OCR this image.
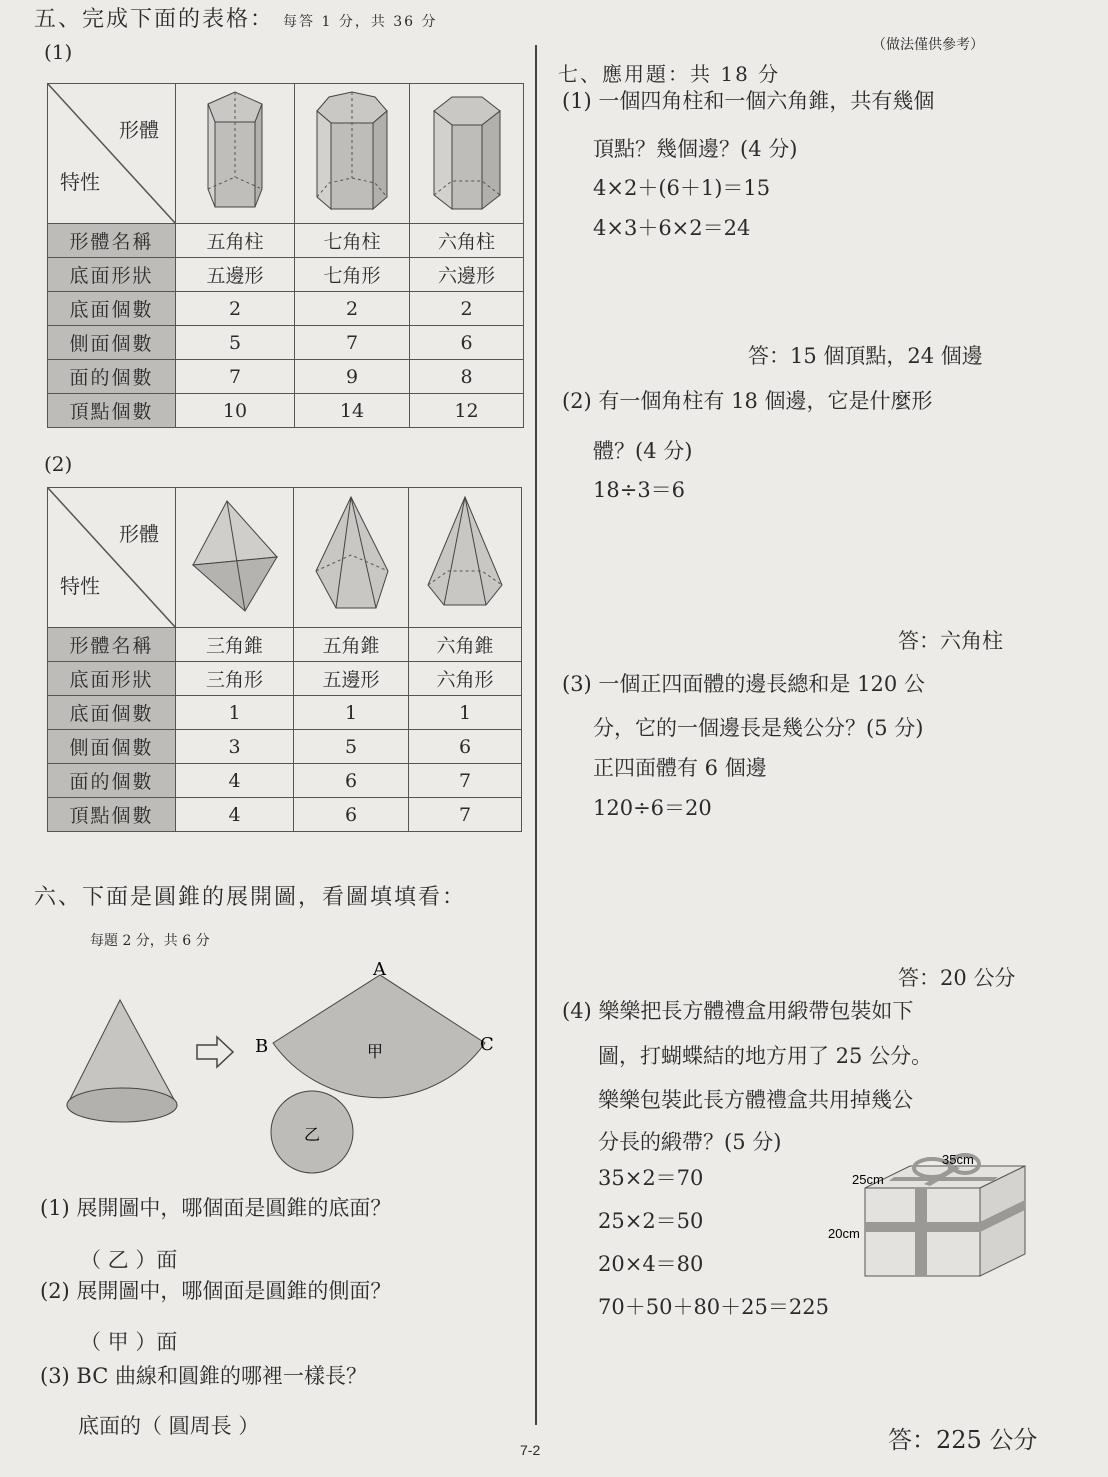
五、完成下面的表格： 每答 1 分，共 36 分
(1)
形體
特性

形體名稱	五角柱	七角柱	六角柱
底面形狀	五邊形	七角形	六邊形
底面個數	2	2	2
側面個數	5	7	6
面的個數	7	9	8
頂點個數	10	14	12
(2)
形體
特性

形體名稱	三角錐	五角錐	六角錐
底面形狀	三角形	五邊形	六角形
底面個數	1	1	1
側面個數	3	5	6
面的個數	4	6	7
頂點個數	4	6	7
六、下面是圓錐的展開圖，看圖填填看：
每題 2 分，共 6 分
A
B	C
甲
乙
(1) 展開圖中，哪個面是圓錐的底面？
（ 乙 ）面
(2) 展開圖中，哪個面是圓錐的側面？
（ 甲 ）面
(3) BC 曲線和圓錐的哪裡一樣長？
底面的（ 圓周長 ）
七、應用題：共 18 分
（做法僅供參考）
(1) 一個四角柱和一個六角錐，共有幾個
頂點？幾個邊？(4 分)
4×2＋(6＋1)＝15
4×3＋6×2＝24
答：15 個頂點，24 個邊
(2) 有一個角柱有 18 個邊，它是什麼形
體？(4 分)
18÷3＝6
答：六角柱
(3) 一個正四面體的邊長總和是 120 公
分，它的一個邊長是幾公分？(5 分)
正四面體有 6 個邊
120÷6＝20
答：20 公分
(4) 樂樂把長方體禮盒用緞帶包裝如下
圖，打蝴蝶結的地方用了 25 公分。
樂樂包裝此長方體禮盒共用掉幾公
分長的緞帶？(5 分)
35×2＝70
25×2＝50
20×4＝80
70＋50＋80＋25＝225
35cm
25cm
20cm
答：225 公分
7-2
